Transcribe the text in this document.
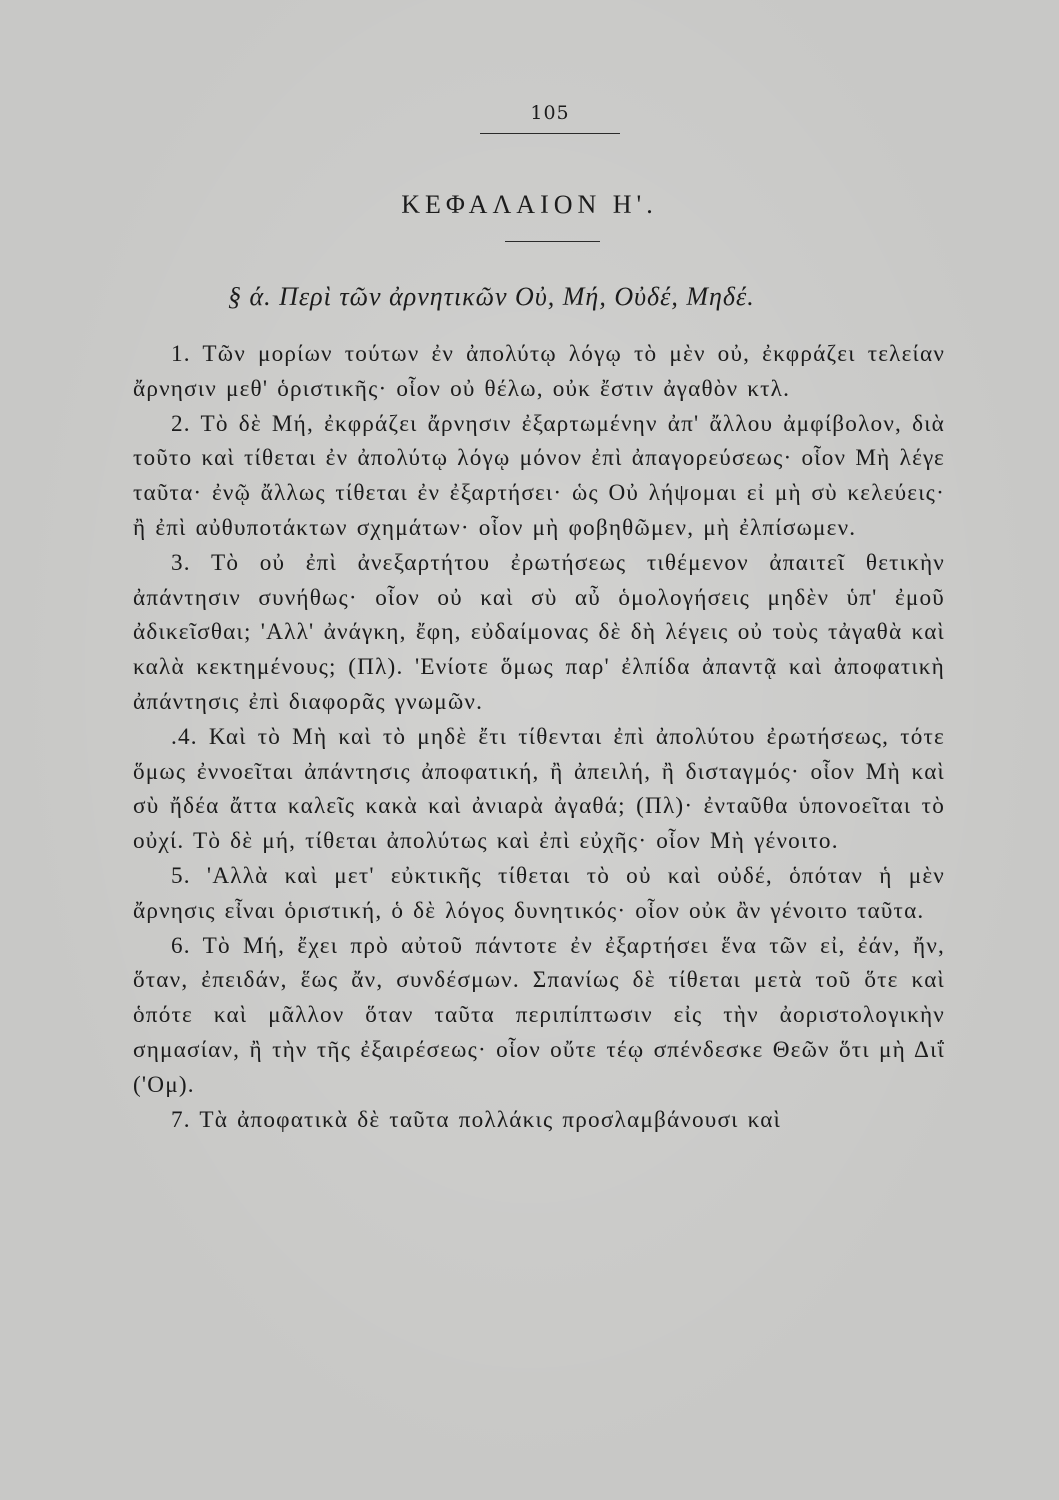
105
ΚΕΦΑΛΑΙΟΝ Η'.
§ ά. Περὶ τῶν ἀρνητικῶν Οὐ, Μή, Οὐδέ, Μηδέ.

1. Τῶν μορίων τούτων ἐν ἀπολύτῳ λόγῳ τὸ μὲν οὐ, ἐκφράζει τελείαν ἄρνησιν μεθ' ὁριστικῆς· οἷον οὐ θέλω, οὐκ ἔστιν ἀγαθὸν κτλ.

2. Τὸ δὲ Μή, ἐκφράζει ἄρνησιν ἐξαρτωμένην ἀπ' ἄλλου ἀμφίβολον, διὰ τοῦτο καὶ τίθεται ἐν ἀπολύτῳ λόγῳ μόνον ἐπὶ ἀπαγορεύσεως· οἷον Μὴ λέγε ταῦτα· ἐνῷ ἄλλως τίθεται ἐν ἐξαρτήσει· ὡς Οὐ λήψομαι εἰ μὴ σὺ κελεύεις· ἢ ἐπὶ αὐθυποτάκτων σχημάτων· οἷον μὴ φοβηθῶμεν, μὴ ἐλπίσωμεν.

3. Τὸ οὐ ἐπὶ ἀνεξαρτήτου ἐρωτήσεως τιθέμενον ἀπαιτεῖ θετικὴν ἀπάντησιν συνήθως· οἷον οὐ καὶ σὺ αὖ ὁμολογήσεις μηδὲν ὑπ' ἐμοῦ ἀδικεῖσθαι; 'Αλλ' ἀνάγκη, ἔφη, εὐδαίμονας δὲ δὴ λέγεις οὐ τοὺς τἀγαθὰ καὶ καλὰ κεκτημένους; (Πλ). 'Ενίοτε ὅμως παρ' ἐλπίδα ἀπαντᾷ καὶ ἀποφατικὴ ἀπάντησις ἐπὶ διαφορᾶς γνωμῶν.

.4. Καὶ τὸ Μὴ καὶ τὸ μηδὲ ἔτι τίθενται ἐπὶ ἀπολύτου ἐρωτήσεως, τότε ὅμως ἐννοεῖται ἀπάντησις ἀποφατική, ἢ ἀπειλή, ἢ δισταγμός· οἷον Μὴ καὶ σὺ ἤδέα ἄττα καλεῖς κακὰ καὶ ἀνιαρὰ ἀγαθά; (Πλ)· ἐνταῦθα ὑπονοεῖται τὸ οὐχί. Τὸ δὲ μή, τίθεται ἀπολύτως καὶ ἐπὶ εὐχῆς· οἷον Μὴ γένοιτο.

5. 'Αλλὰ καὶ μετ' εὐκτικῆς τίθεται τὸ οὐ καὶ οὐδέ, ὁπόταν ἡ μὲν ἄρνησις εἶναι ὁριστική, ὁ δὲ λόγος δυνητικός· οἷον οὐκ ἂν γένοιτο ταῦτα.

6. Τὸ Μή, ἔχει πρὸ αὐτοῦ πάντοτε ἐν ἐξαρτήσει ἕνα τῶν εἰ, ἐάν, ἤν, ὅταν, ἐπειδάν, ἕως ἄν, συνδέσμων. Σπανίως δὲ τίθεται μετὰ τοῦ ὅτε καὶ ὁπότε καὶ μᾶλλον ὅταν ταῦτα περιπίπτωσιν εἰς τὴν ἀοριστολογικὴν σημασίαν, ἢ τὴν τῆς ἐξαιρέσεως· οἷον οὔτε τέῳ σπένδεσκε Θεῶν ὅτι μὴ Διΐ ('Ομ).

7. Τὰ ἀποφατικὰ δὲ ταῦτα πολλάκις προσλαμβάνουσι καὶ
